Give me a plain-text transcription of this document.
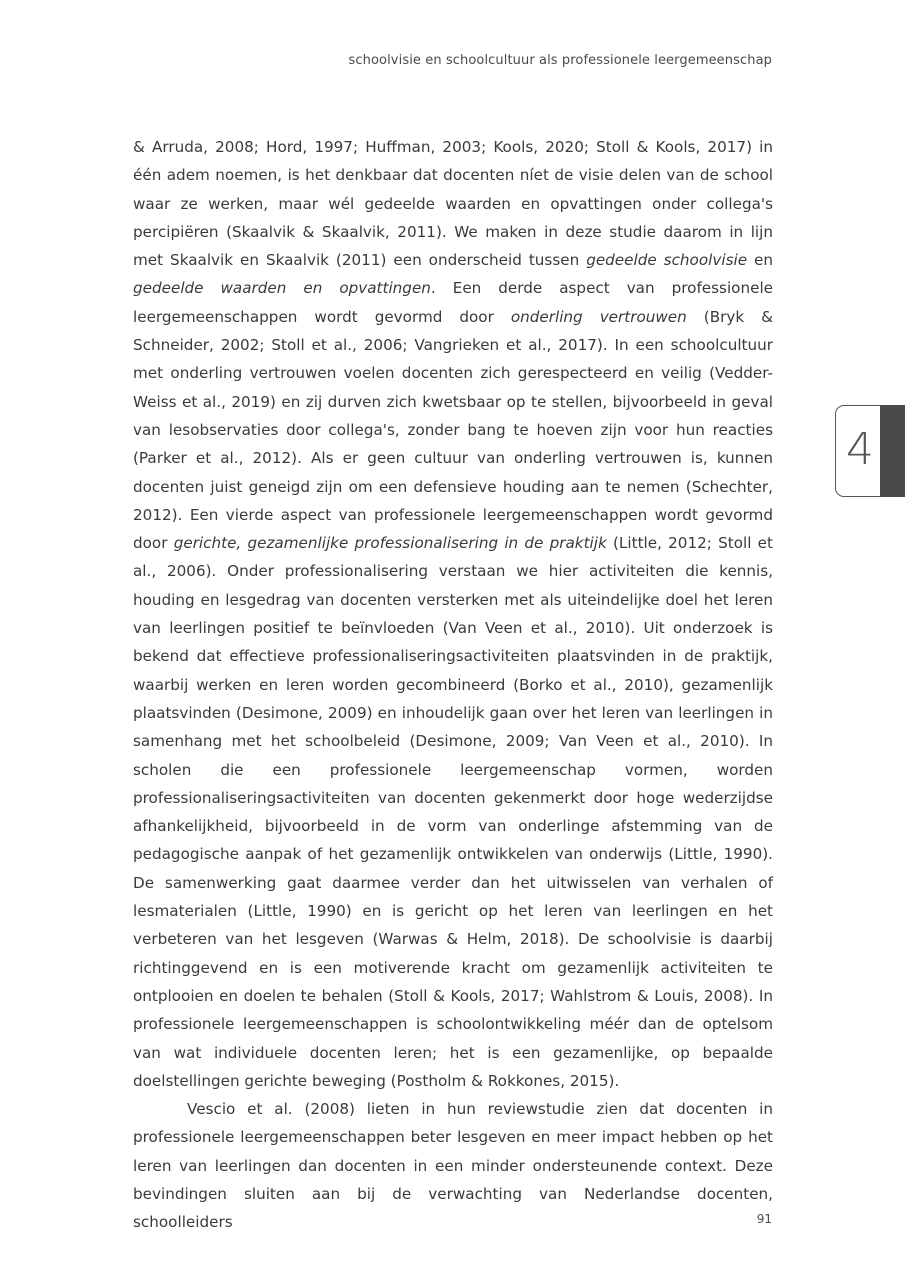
schoolvisie en schoolcultuur als professionele leergemeenschap

& Arruda, 2008; Hord, 1997; Huffman, 2003; Kools, 2020; Stoll & Kools, 2017) in één adem noemen, is het denkbaar dat docenten níet de visie delen van de school waar ze werken, maar wél gedeelde waarden en opvattingen onder collega's percipiëren (Skaalvik & Skaalvik, 2011). We maken in deze studie daarom in lijn met Skaalvik en Skaalvik (2011) een onderscheid tussen gedeelde schoolvisie en gedeelde waarden en opvattingen. Een derde aspect van professionele leergemeenschappen wordt gevormd door onderling vertrouwen (Bryk & Schneider, 2002; Stoll et al., 2006; Vangrieken et al., 2017). In een schoolcultuur met onderling vertrouwen voelen docenten zich gerespecteerd en veilig (Vedder-Weiss et al., 2019) en zij durven zich kwetsbaar op te stellen, bijvoorbeeld in geval van lesobservaties door collega's, zonder bang te hoeven zijn voor hun reacties (Parker et al., 2012). Als er geen cultuur van onderling vertrouwen is, kunnen docenten juist geneigd zijn om een defensieve houding aan te nemen (Schechter, 2012). Een vierde aspect van professionele leergemeenschappen wordt gevormd door gerichte, gezamenlijke professionalisering in de praktijk (Little, 2012; Stoll et al., 2006). Onder professionalisering verstaan we hier activiteiten die kennis, houding en lesgedrag van docenten versterken met als uiteindelijke doel het leren van leerlingen positief te beïnvloeden (Van Veen et al., 2010). Uit onderzoek is bekend dat effectieve professionaliseringsactiviteiten plaatsvinden in de praktijk, waarbij werken en leren worden gecombineerd (Borko et al., 2010), gezamenlijk plaatsvinden (Desimone, 2009) en inhoudelijk gaan over het leren van leerlingen in samenhang met het schoolbeleid (Desimone, 2009; Van Veen et al., 2010). In scholen die een professionele leergemeenschap vormen, worden professionaliseringsactiviteiten van docenten gekenmerkt door hoge wederzijdse afhankelijkheid, bijvoorbeeld in de vorm van onderlinge afstemming van de pedagogische aanpak of het gezamenlijk ontwikkelen van onderwijs (Little, 1990). De samenwerking gaat daarmee verder dan het uitwisselen van verhalen of lesmaterialen (Little, 1990) en is gericht op het leren van leerlingen en het verbeteren van het lesgeven (Warwas & Helm, 2018). De schoolvisie is daarbij richtinggevend en is een motiverende kracht om gezamenlijk activiteiten te ontplooien en doelen te behalen (Stoll & Kools, 2017; Wahlstrom & Louis, 2008). In professionele leergemeenschappen is schoolontwikkeling méér dan de optelsom van wat individuele docenten leren; het is een gezamenlijke, op bepaalde doelstellingen gerichte beweging (Postholm & Rokkones, 2015).

Vescio et al. (2008) lieten in hun reviewstudie zien dat docenten in professionele leergemeenschappen beter lesgeven en meer impact hebben op het leren van leerlingen dan docenten in een minder ondersteunende context. Deze bevindingen sluiten aan bij de verwachting van Nederlandse docenten, schoolleiders

4
91
